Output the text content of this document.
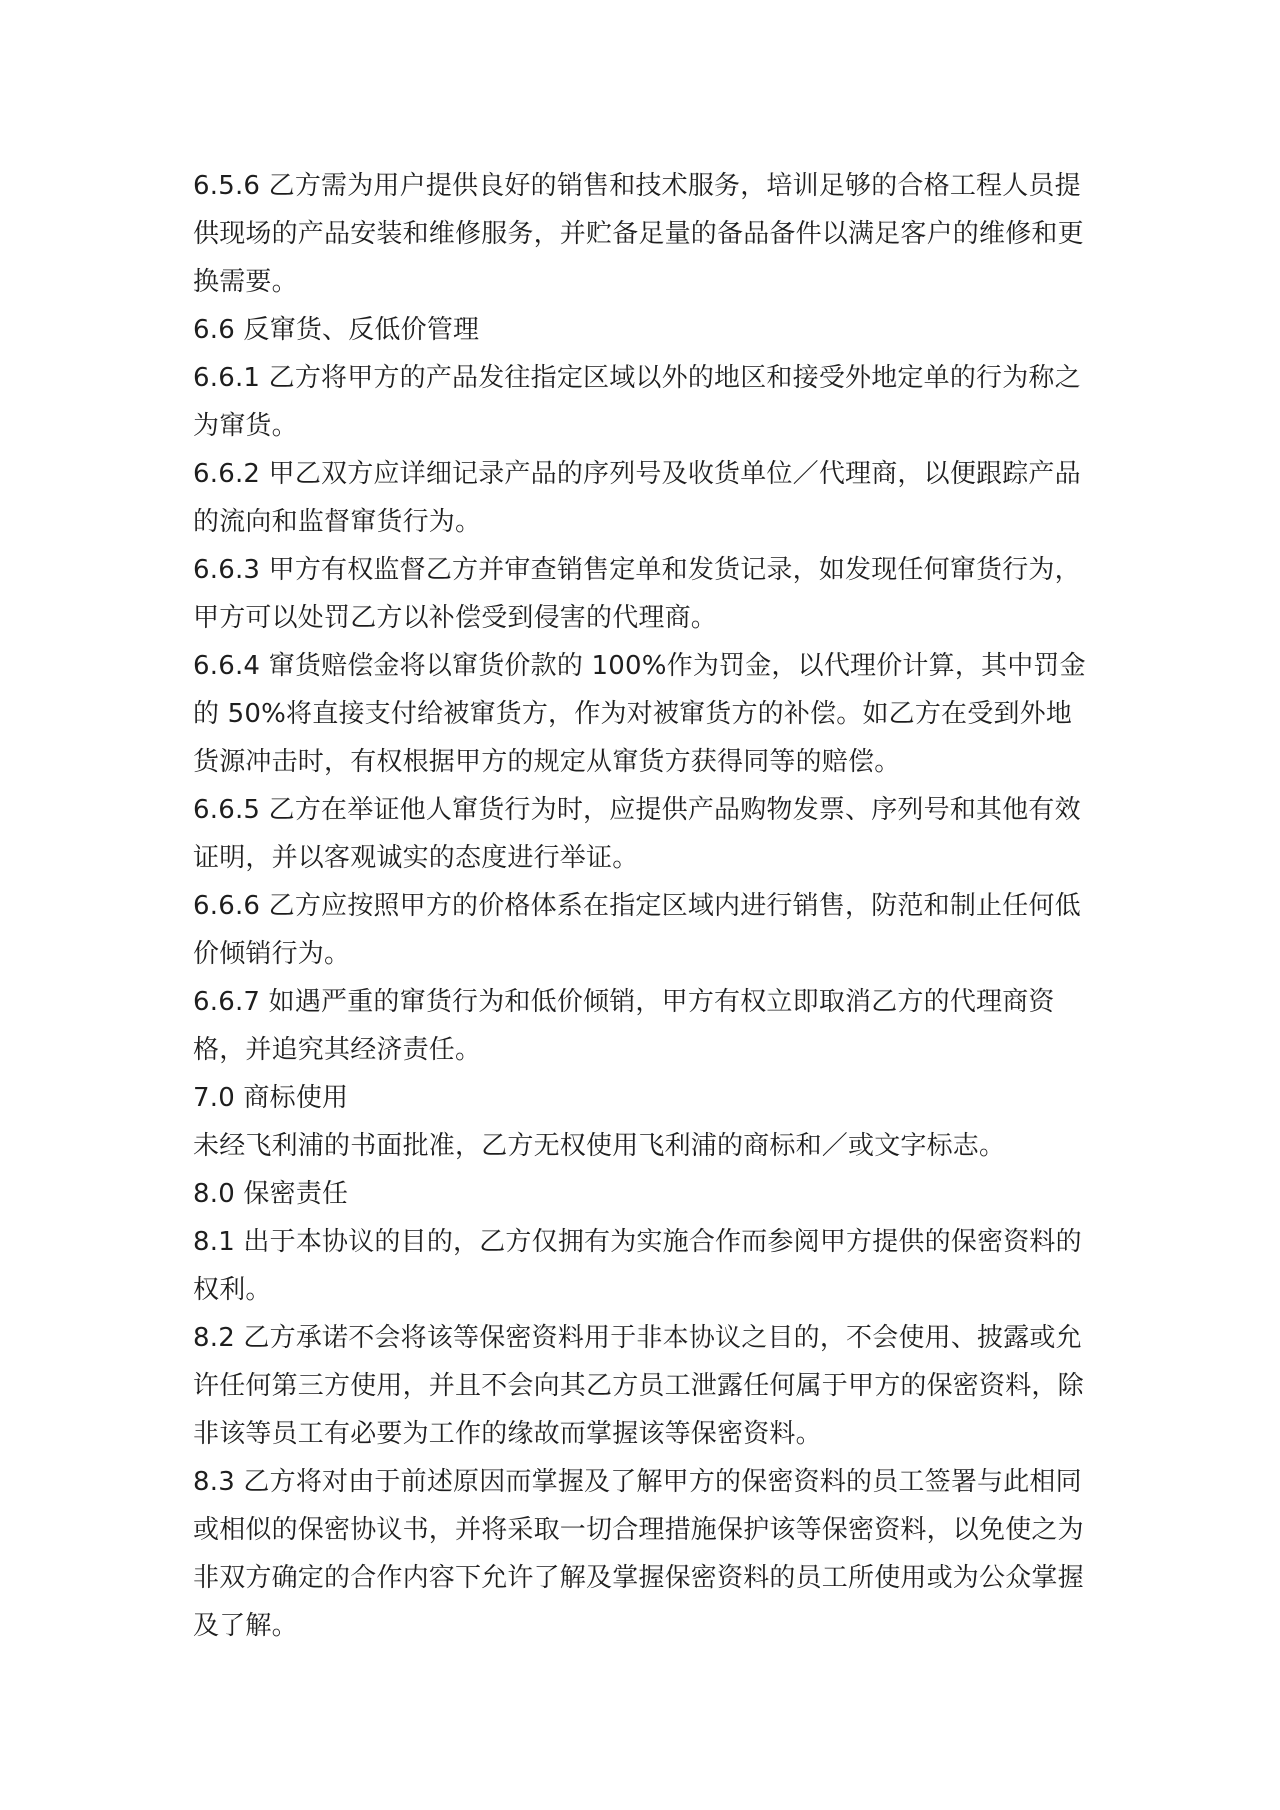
6.5.6 乙方需为用户提供良好的销售和技术服务，培训足够的合格工程人员提供现场的产品安装和维修服务，并贮备足量的备品备件以满足客户的维修和更换需要。

6.6 反窜货、反低价管理

6.6.1 乙方将甲方的产品发往指定区域以外的地区和接受外地定单的行为称之为窜货。

6.6.2 甲乙双方应详细记录产品的序列号及收货单位／代理商，以便跟踪产品的流向和监督窜货行为。

6.6.3 甲方有权监督乙方并审查销售定单和发货记录，如发现任何窜货行为，甲方可以处罚乙方以补偿受到侵害的代理商。

6.6.4 窜货赔偿金将以窜货价款的 100%作为罚金，以代理价计算，其中罚金的 50%将直接支付给被窜货方，作为对被窜货方的补偿。如乙方在受到外地货源冲击时，有权根据甲方的规定从窜货方获得同等的赔偿。

6.6.5 乙方在举证他人窜货行为时，应提供产品购物发票、序列号和其他有效证明，并以客观诚实的态度进行举证。

6.6.6 乙方应按照甲方的价格体系在指定区域内进行销售，防范和制止任何低价倾销行为。

6.6.7 如遇严重的窜货行为和低价倾销，甲方有权立即取消乙方的代理商资格，并追究其经济责任。

7.0 商标使用

未经飞利浦的书面批准，乙方无权使用飞利浦的商标和／或文字标志。

8.0 保密责任

8.1 出于本协议的目的，乙方仅拥有为实施合作而参阅甲方提供的保密资料的权利。

8.2 乙方承诺不会将该等保密资料用于非本协议之目的，不会使用、披露或允许任何第三方使用，并且不会向其乙方员工泄露任何属于甲方的保密资料，除非该等员工有必要为工作的缘故而掌握该等保密资料。

8.3 乙方将对由于前述原因而掌握及了解甲方的保密资料的员工签署与此相同或相似的保密协议书，并将采取一切合理措施保护该等保密资料，以免使之为非双方确定的合作内容下允许了解及掌握保密资料的员工所使用或为公众掌握及了解。
